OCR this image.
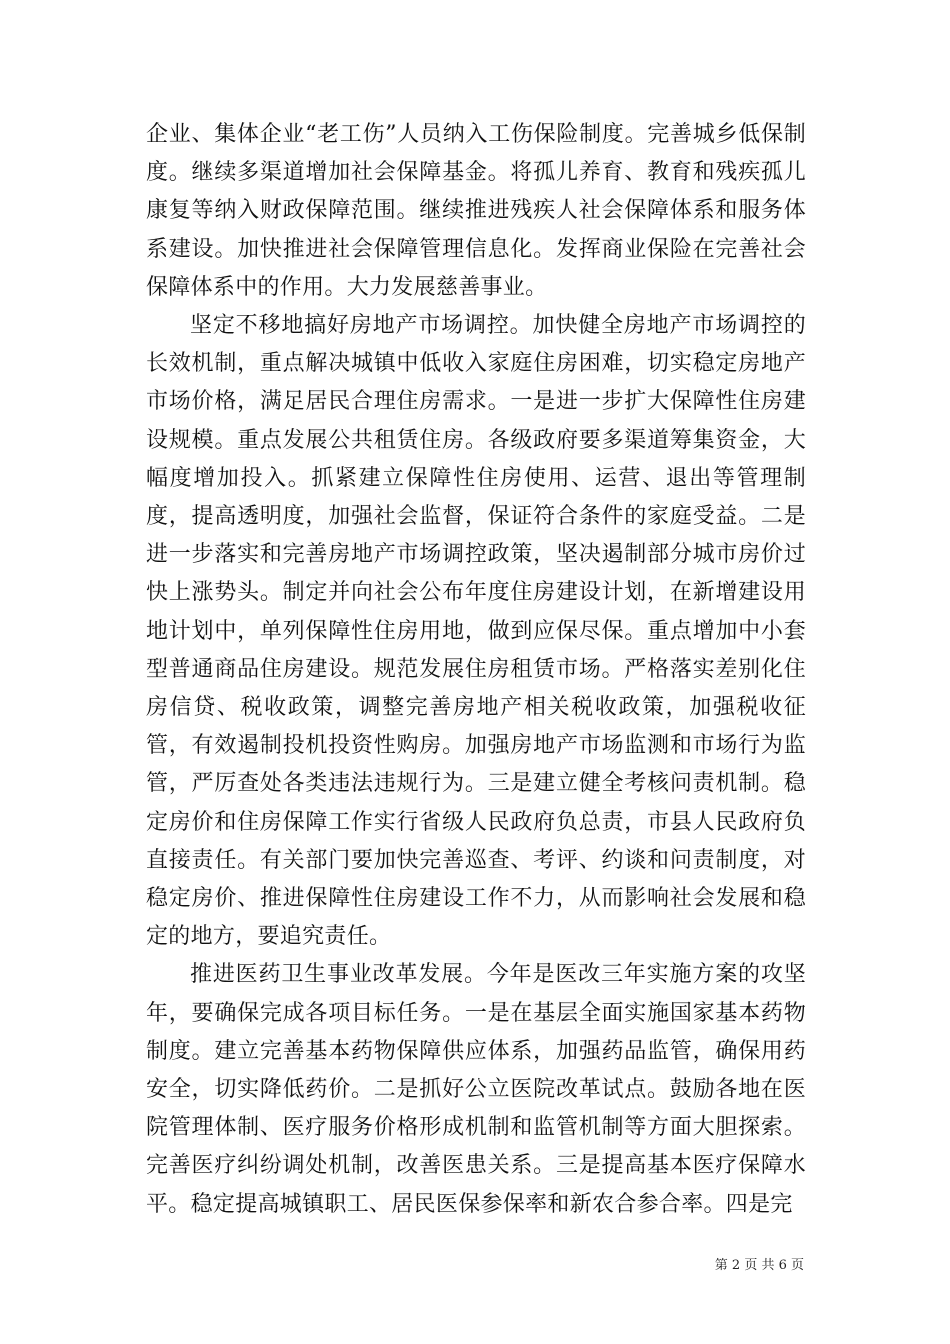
企业、集体企业“老工伤”人员纳入工伤保险制度。完善城乡低保制度。继续多渠道增加社会保障基金。将孤儿养育、教育和残疾孤儿康复等纳入财政保障范围。继续推进残疾人社会保障体系和服务体系建设。加快推进社会保障管理信息化。发挥商业保险在完善社会保障体系中的作用。大力发展慈善事业。

坚定不移地搞好房地产市场调控。加快健全房地产市场调控的长效机制，重点解决城镇中低收入家庭住房困难，切实稳定房地产市场价格，满足居民合理住房需求。一是进一步扩大保障性住房建设规模。重点发展公共租赁住房。各级政府要多渠道筹集资金，大幅度增加投入。抓紧建立保障性住房使用、运营、退出等管理制度，提高透明度，加强社会监督，保证符合条件的家庭受益。二是进一步落实和完善房地产市场调控政策，坚决遏制部分城市房价过快上涨势头。制定并向社会公布年度住房建设计划，在新增建设用地计划中，单列保障性住房用地，做到应保尽保。重点增加中小套型普通商品住房建设。规范发展住房租赁市场。严格落实差别化住房信贷、税收政策，调整完善房地产相关税收政策，加强税收征管，有效遏制投机投资性购房。加强房地产市场监测和市场行为监管，严厉查处各类违法违规行为。三是建立健全考核问责机制。稳定房价和住房保障工作实行省级人民政府负总责，市县人民政府负直接责任。有关部门要加快完善巡查、考评、约谈和问责制度，对稳定房价、推进保障性住房建设工作不力，从而影响社会发展和稳定的地方，要追究责任。

推进医药卫生事业改革发展。今年是医改三年实施方案的攻坚年，要确保完成各项目标任务。一是在基层全面实施国家基本药物制度。建立完善基本药物保障供应体系，加强药品监管，确保用药安全，切实降低药价。二是抓好公立医院改革试点。鼓励各地在医院管理体制、医疗服务价格形成机制和监管机制等方面大胆探索。完善医疗纠纷调处机制，改善医患关系。三是提高基本医疗保障水平。稳定提高城镇职工、居民医保参保率和新农合参合率。四是完

第 2 页 共 6 页
